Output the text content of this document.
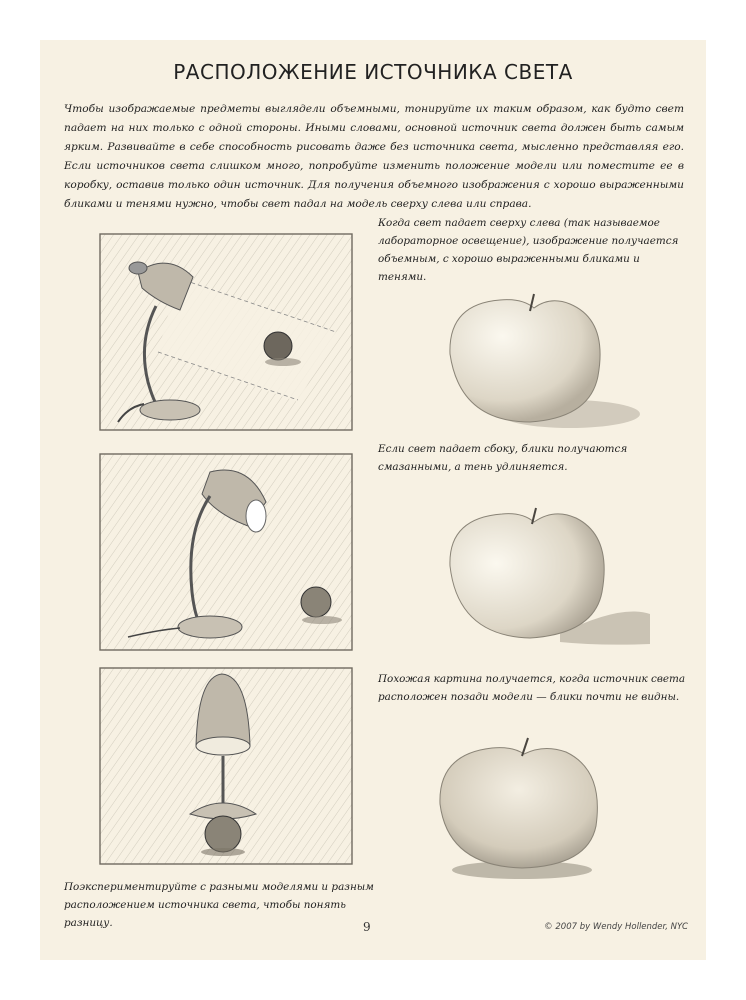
РАСПОЛОЖЕНИЕ ИСТОЧНИКА СВЕТА

Чтобы изображаемые предметы выглядели объемными, тонируйте их таким образом, как будто свет падает на них только с одной стороны. Иными словами, основной источник света должен быть самым ярким. Развивайте в себе способность рисовать даже без источника света, мысленно представляя его. Если источников света слишком много, попробуйте изменить положение модели или поместите ее в коробку, оставив только один источник. Для получения объемного изображения с хорошо выраженными бликами и тенями нужно, чтобы свет падал на модель сверху слева или справа.

Когда свет падает сверху слева (так называемое лабораторное освещение), изображение получается объемным, с хорошо выраженными бликами и тенями.

Если свет падает сбоку, блики получаются смазанными, а тень удлиняется.

Похожая картина получается, когда источник света расположен позади модели — блики почти не видны.

Поэкспериментируйте с разными моделями и разным расположением источника света, чтобы понять разницу.	9	© 2007 by Wendy Hollender, NYC
